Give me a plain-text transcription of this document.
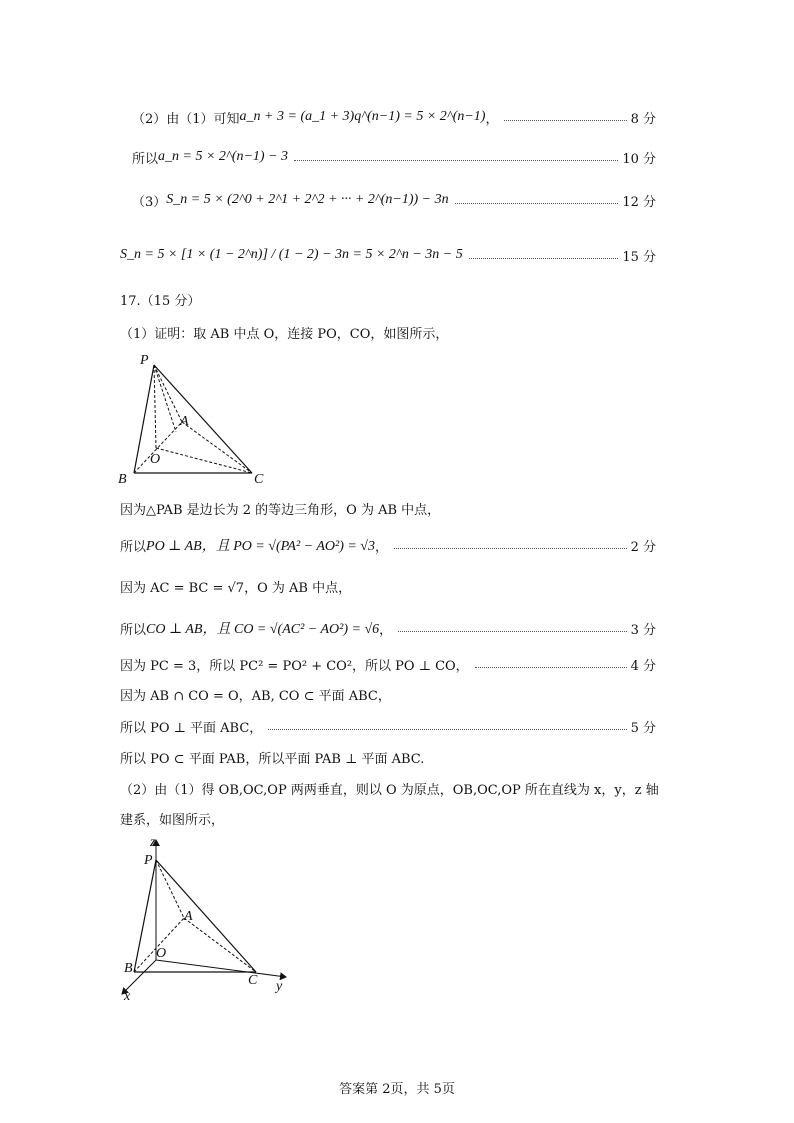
（2）由（1）可知 a_n + 3 = (a_1 + 3)q^(n−1) = 5 × 2^(n−1) ，	8 分
所以 a_n = 5 × 2^(n−1) − 3	10 分
（3） S_n = 5 × (2^0 + 2^1 + 2^2 + ··· + 2^(n−1)) − 3n	12 分
S_n = 5 × [1 × (1 − 2^n)] / (1 − 2) − 3n = 5 × 2^n − 3n − 5	15 分
17.（15 分）
（1）证明：取 AB 中点 O，连接 PO，CO，如图所示，
P
A
O
B	C
因为△PAB 是边长为 2 的等边三角形，O 为 AB 中点，
所以 PO ⊥ AB，且 PO = √(PA² − AO²) = √3 ，	2 分
因为 AC = BC = √7，O 为 AB 中点，
所以 CO ⊥ AB，且 CO = √(AC² − AO²) = √6 ，	3 分
因为 PC = 3，所以 PC² = PO² + CO²，所以 PO ⊥ CO，	4 分
因为 AB ∩ CO = O，AB, CO ⊂ 平面 ABC，
所以 PO ⊥ 平面 ABC，	5 分
所以 PO ⊂ 平面 PAB，所以平面 PAB ⊥ 平面 ABC.
（2）由（1）得 OB,OC,OP 两两垂直，则以 O 为原点，OB,OC,OP 所在直线为 x，y，z 轴
建系，如图所示，
z
P
A
O
B
C y
x
答案第 2页，共 5页
